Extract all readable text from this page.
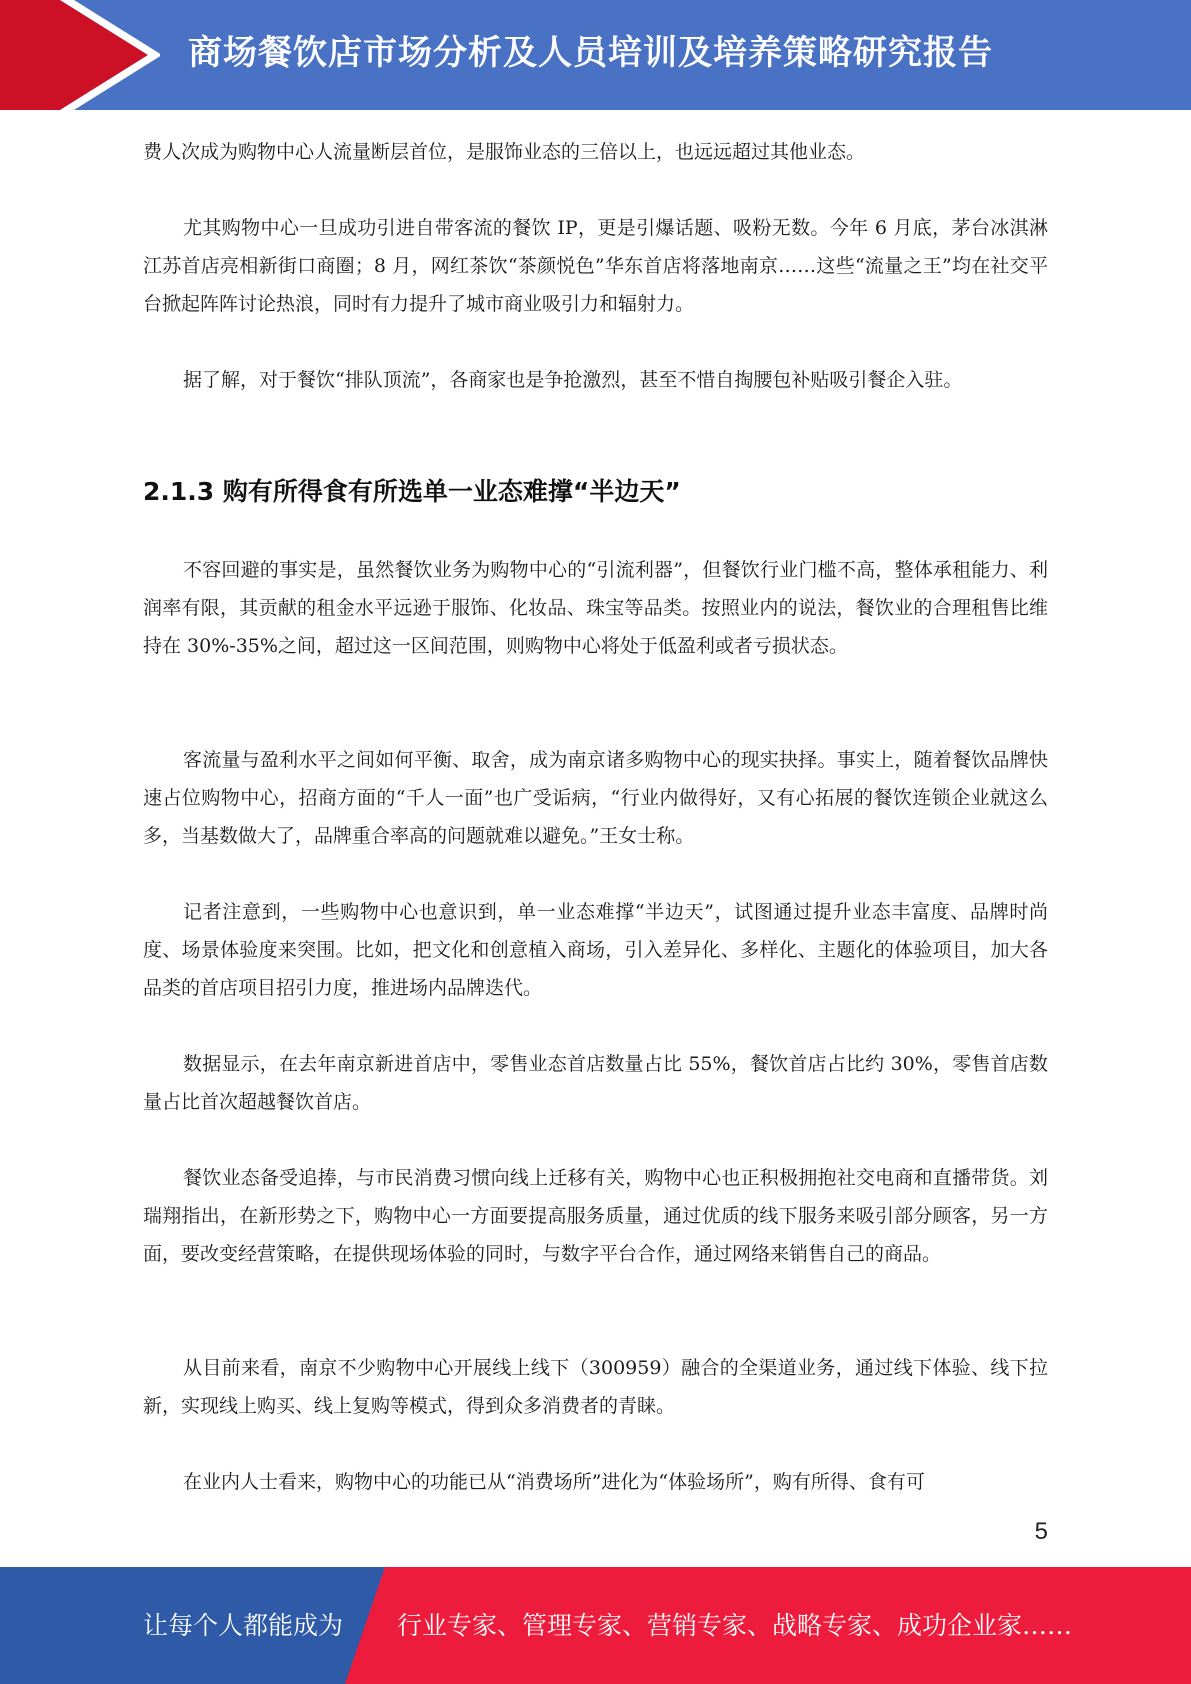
商场餐饮店市场分析及人员培训及培养策略研究报告

费人次成为购物中心人流量断层首位，是服饰业态的三倍以上，也远远超过其他业态。

尤其购物中心一旦成功引进自带客流的餐饮 IP，更是引爆话题、吸粉无数。今年 6 月底，茅台冰淇淋江苏首店亮相新街口商圈；8 月，网红茶饮“茶颜悦色”华东首店将落地南京……这些“流量之王”均在社交平台掀起阵阵讨论热浪，同时有力提升了城市商业吸引力和辐射力。

据了解，对于餐饮“排队顶流”，各商家也是争抢激烈，甚至不惜自掏腰包补贴吸引餐企入驻。

2.1.3 购有所得食有所选单一业态难撑“半边天”

不容回避的事实是，虽然餐饮业务为购物中心的“引流利器”，但餐饮行业门槛不高，整体承租能力、利润率有限，其贡献的租金水平远逊于服饰、化妆品、珠宝等品类。按照业内的说法，餐饮业的合理租售比维持在 30%-35%之间，超过这一区间范围，则购物中心将处于低盈利或者亏损状态。

客流量与盈利水平之间如何平衡、取舍，成为南京诸多购物中心的现实抉择。事实上，随着餐饮品牌快速占位购物中心，招商方面的“千人一面”也广受诟病，“行业内做得好，又有心拓展的餐饮连锁企业就这么多，当基数做大了，品牌重合率高的问题就难以避免。”王女士称。

记者注意到，一些购物中心也意识到，单一业态难撑“半边天”，试图通过提升业态丰富度、品牌时尚度、场景体验度来突围。比如，把文化和创意植入商场，引入差异化、多样化、主题化的体验项目，加大各品类的首店项目招引力度，推进场内品牌迭代。

数据显示，在去年南京新进首店中，零售业态首店数量占比 55%，餐饮首店占比约 30%，零售首店数量占比首次超越餐饮首店。

餐饮业态备受追捧，与市民消费习惯向线上迁移有关，购物中心也正积极拥抱社交电商和直播带货。刘瑞翔指出，在新形势之下，购物中心一方面要提高服务质量，通过优质的线下服务来吸引部分顾客，另一方面，要改变经营策略，在提供现场体验的同时，与数字平台合作，通过网络来销售自己的商品。

从目前来看，南京不少购物中心开展线上线下（300959）融合的全渠道业务，通过线下体验、线下拉新，实现线上购买、线上复购等模式，得到众多消费者的青睐。

在业内人士看来，购物中心的功能已从“消费场所”进化为“体验场所”，购有所得、食有可

5
让每个人都能成为 行业专家、管理专家、营销专家、战略专家、成功企业家……
